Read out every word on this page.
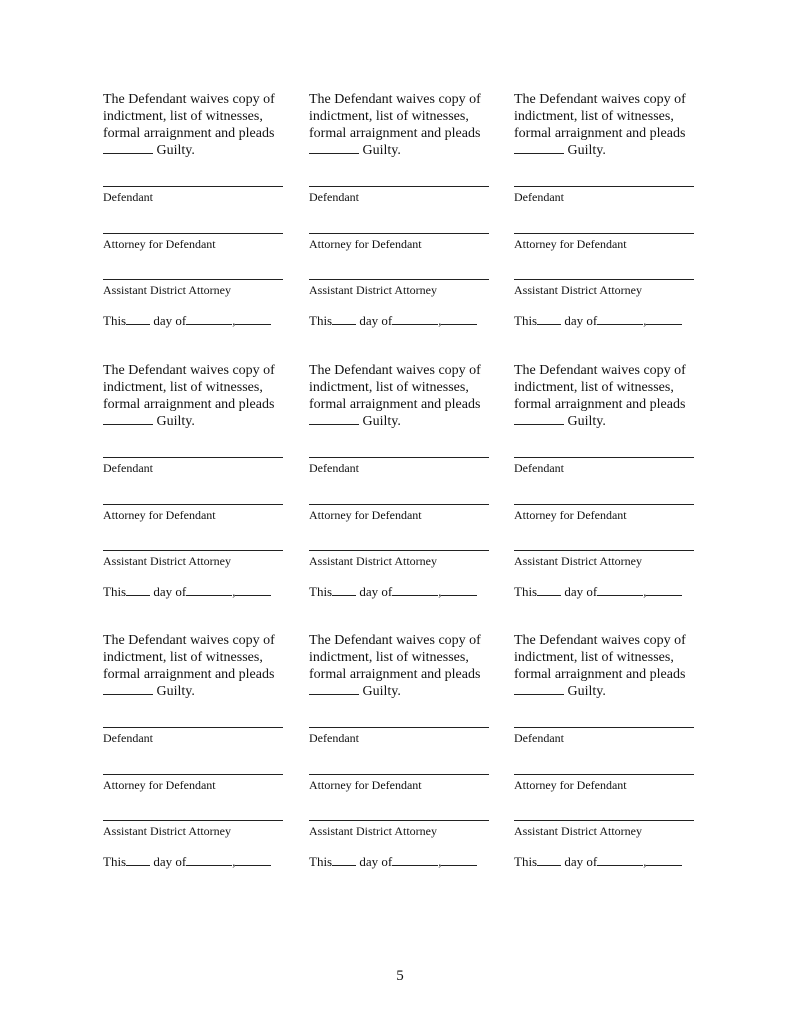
The Defendant waives copy of
indictment, list of witnesses,
formal arraignment and pleads
Guilty.
Defendant
Attorney for Defendant
Assistant District Attorney
This day of	,
The Defendant waives copy of
indictment, list of witnesses,
formal arraignment and pleads
Guilty.
Defendant
Attorney for Defendant
Assistant District Attorney
This day of	,
The Defendant waives copy of
indictment, list of witnesses,
formal arraignment and pleads
Guilty.
Defendant
Attorney for Defendant
Assistant District Attorney
This day of	,
The Defendant waives copy of
indictment, list of witnesses,
formal arraignment and pleads
Guilty.
Defendant
Attorney for Defendant
Assistant District Attorney
This day of	,
The Defendant waives copy of
indictment, list of witnesses,
formal arraignment and pleads
Guilty.
Defendant
Attorney for Defendant
Assistant District Attorney
This day of	,
The Defendant waives copy of
indictment, list of witnesses,
formal arraignment and pleads
Guilty.
Defendant
Attorney for Defendant
Assistant District Attorney
This day of	,
The Defendant waives copy of
indictment, list of witnesses,
formal arraignment and pleads
Guilty.
Defendant
Attorney for Defendant
Assistant District Attorney
This day of	,
The Defendant waives copy of
indictment, list of witnesses,
formal arraignment and pleads
Guilty.
Defendant
Attorney for Defendant
Assistant District Attorney
This day of	,
The Defendant waives copy of
indictment, list of witnesses,
formal arraignment and pleads
Guilty.
Defendant
Attorney for Defendant
Assistant District Attorney
This day of	,
5
